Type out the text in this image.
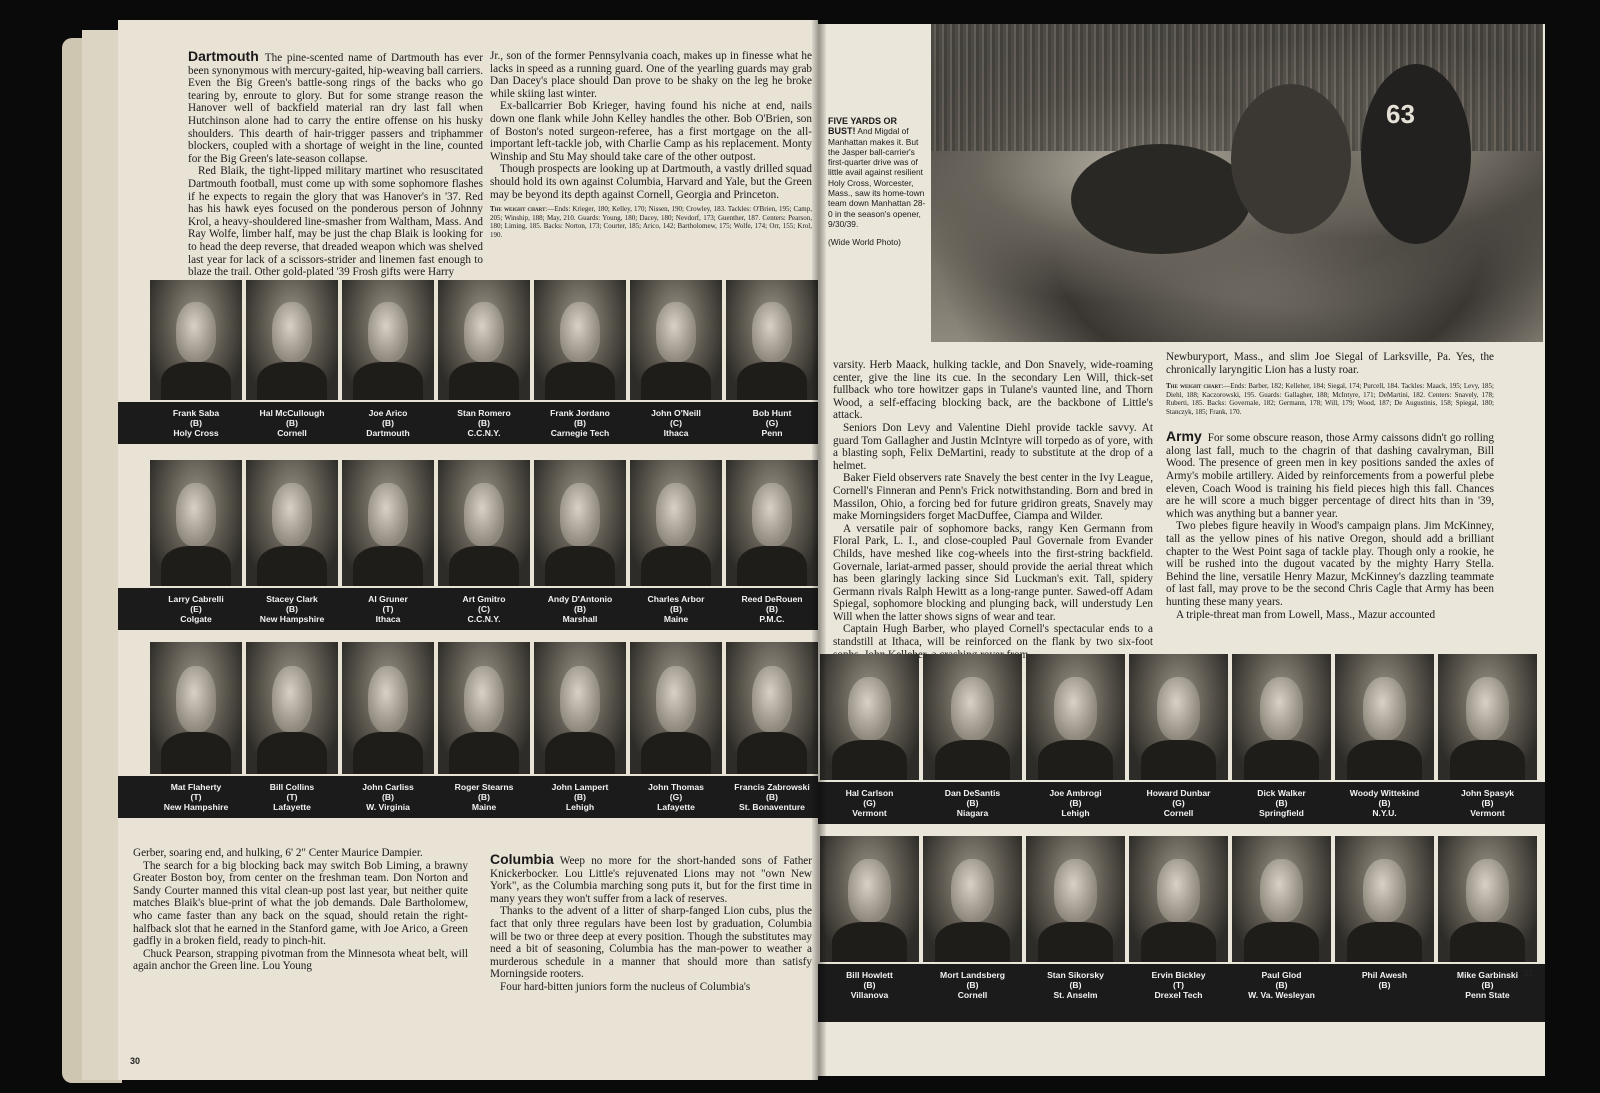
Dartmouth The pine-scented name of Dartmouth has ever been synonymous with mercury-gaited, hip-weaving ball carriers. Even the Big Green's battle-song rings of the backs who go tearing by, enroute to glory. But for some strange reason the Hanover well of backfield material ran dry last fall when Hutchinson alone had to carry the entire offense on his husky shoulders. This dearth of hair-trigger passers and triphammer blockers, coupled with a shortage of weight in the line, counted for the Big Green's late-season collapse.

Red Blaik, the tight-lipped military martinet who resuscitated Dartmouth football, must come up with some sophomore flashes if he expects to regain the glory that was Hanover's in '37. Red has his hawk eyes focused on the ponderous person of Johnny Krol, a heavy-shouldered line-smasher from Waltham, Mass. And Ray Wolfe, limber half, may be just the chap Blaik is looking for to head the deep reverse, that dreaded weapon which was shelved last year for lack of a scissors-strider and linemen fast enough to blaze the trail. Other gold-plated '39 Frosh gifts were Harry

Jr., son of the former Pennsylvania coach, makes up in finesse what he lacks in speed as a running guard. One of the yearling guards may grab Dan Dacey's place should Dan prove to be shaky on the leg he broke while skiing last winter.

Ex-ballcarrier Bob Krieger, having found his niche at end, nails down one flank while John Kelley handles the other. Bob O'Brien, son of Boston's noted surgeon-referee, has a first mortgage on the all-important left-tackle job, with Charlie Camp as his replacement. Monty Winship and Stu May should take care of the other outpost.

Though prospects are looking up at Dartmouth, a vastly drilled squad should hold its own against Columbia, Harvard and Yale, but the Green may be beyond its depth against Cornell, Georgia and Princeton.

The weight chart:—Ends: Krieger, 180; Kelley, 170; Nissen, 190; Crowley, 183. Tackles: O'Brien, 195; Camp, 205; Winship, 188; May, 210. Guards: Young, 180; Dacey, 180; Nevdorf, 173; Guenther, 187. Centers: Pearson, 180; Liming, 185. Backs: Norton, 173; Courter, 185; Arico, 142; Bartholomew, 175; Wolfe, 174; Orr, 155; Krol, 190.
Frank Saba
(B)
Holy Cross
Hal McCullough
(B)
Cornell
Joe Arico
(B)
Dartmouth
Stan Romero
(B)
C.C.N.Y.
Frank Jordano
(B)
Carnegie Tech
John O'Neill
(C)
Ithaca
Bob Hunt
(G)
Penn
Larry Cabrelli
(E)
Colgate
Stacey Clark
(B)
New Hampshire
Al Gruner
(T)
Ithaca
Art Gmitro
(C)
C.C.N.Y.
Andy D'Antonio
(B)
Marshall
Charles Arbor
(B)
Maine
Reed DeRouen
(B)
P.M.C.
Mat Flaherty
(T)
New Hampshire
Bill Collins
(T)
Lafayette
John Carliss
(B)
W. Virginia
Roger Stearns
(B)
Maine
John Lampert
(B)
Lehigh
John Thomas
(G)
Lafayette
Francis Zabrowski
(B)
St. Bonaventure

Gerber, soaring end, and hulking, 6' 2" Center Maurice Dampier.

The search for a big blocking back may switch Bob Liming, a brawny Greater Boston boy, from center on the freshman team. Don Norton and Sandy Courter manned this vital clean-up post last year, but neither quite matches Blaik's blue-print of what the job demands. Dale Bartholomew, who came faster than any back on the squad, should retain the right-halfback slot that he earned in the Stanford game, with Joe Arico, a Green gadfly in a broken field, ready to pinch-hit.

Chuck Pearson, strapping pivotman from the Minnesota wheat belt, will again anchor the Green line. Lou Young

Columbia Weep no more for the short-handed sons of Father Knickerbocker. Lou Little's rejuvenated Lions may not "own New York", as the Columbia marching song puts it, but for the first time in many years they won't suffer from a lack of reserves.

Thanks to the advent of a litter of sharp-fanged Lion cubs, plus the fact that only three regulars have been lost by graduation, Columbia will be two or three deep at every position. Though the substitutes may need a bit of seasoning, Columbia has the man-power to weather a murderous schedule in a manner that should more than satisfy Morningside rooters.

Four hard-bitten juniors form the nucleus of Columbia's

30
FIVE YARDS OR BUST! And Migdal of Manhattan makes it. But the Jasper ball-carrier's first-quarter drive was of little avail against resilient Holy Cross, Worcester, Mass., saw its home-town team down Manhattan 28-0 in the season's opener, 9/30/39.
(Wide World Photo)
63

varsity. Herb Maack, hulking tackle, and Don Snavely, wide-roaming center, give the line its cue. In the secondary Len Will, thick-set fullback who tore howitzer gaps in Tulane's vaunted line, and Thorn Wood, a self-effacing blocking back, are the backbone of Little's attack.

Seniors Don Levy and Valentine Diehl provide tackle savvy. At guard Tom Gallagher and Justin McIntyre will torpedo as of yore, with a blasting soph, Felix DeMartini, ready to substitute at the drop of a helmet.

Baker Field observers rate Snavely the best center in the Ivy League, Cornell's Finneran and Penn's Frick notwithstanding. Born and bred in Massilon, Ohio, a forcing bed for future gridiron greats, Snavely may make Morningsiders forget MacDuffee, Ciampa and Wilder.

A versatile pair of sophomore backs, rangy Ken Germann from Floral Park, L. I., and close-coupled Paul Governale from Evander Childs, have meshed like cog-wheels into the first-string backfield. Governale, lariat-armed passer, should provide the aerial threat which has been glaringly lacking since Sid Luckman's exit. Tall, spidery Germann rivals Ralph Hewitt as a long-range punter. Sawed-off Adam Spiegal, sophomore blocking and plunging back, will understudy Len Will when the latter shows signs of wear and tear.

Captain Hugh Barber, who played Cornell's spectacular ends to a standstill at Ithaca, will be reinforced on the flank by two six-foot

Newburyport, Mass., and slim Joe Siegal of Larksville, Pa. Yes, the chronically laryngitic Lion has a lusty roar.

The weight chart:—Ends: Barber, 182; Kelleher, 184; Siegal, 174; Purcell, 184. Tackles: Maack, 195; Levy, 185; Diehl, 188; Kaczorowski, 195. Guards: Gallagher, 188; McIntyre, 171; DeMartini, 182. Centers: Snavely, 178; Ruberti, 185. Backs: Governale, 182; Germann, 178; Will, 179; Wood, 187; De Augustinis, 158; Spiegal, 180; Stanczyk, 185; Frank, 170.

Army For some obscure reason, those Army caissons didn't go rolling along last fall, much to the chagrin of that dashing cavalryman, Bill Wood. The presence of green men in key positions sanded the axles of Army's mobile artillery. Aided by reinforcements from a powerful plebe eleven, Coach Wood is training his field pieces high this fall. Chances are he will score a much bigger percentage of direct hits than in '39, which was anything but a banner year.

Two plebes figure heavily in Wood's campaign plans. Jim McKinney, tall as the yellow pines of his native Oregon, should add a brilliant chapter to the West Point saga of tackle play. Though only a rookie, he will be rushed into the dugout vacated by the mighty Harry Stella. Behind the line, versatile Henry Mazur, McKinney's dazzling teammate of last fall, may prove to be the second Chris Cagle that Army has been hunting these many years.

A triple-threat man from Lowell, Mass., Mazur accounted

Hal Carlson
(G)
Vermont
Dan DeSantis
(B)
Niagara
Joe Ambrogi
(B)
Lehigh
Howard Dunbar
(G)
Cornell
Dick Walker
(B)
Springfield
Woody Wittekind
(B)
N.Y.U.
John Spasyk
(B)
Vermont
Bill Howlett
(B)
Villanova
Mort Landsberg
(B)
Cornell
Stan Sikorsky
(B)
St. Anselm
Ervin Bickley
(T)
Drexel Tech
Paul Glod
(B)
W. Va. Wesleyan
Phil Awesh
(B)
Mike Garbinski
(B)
Penn State
31
